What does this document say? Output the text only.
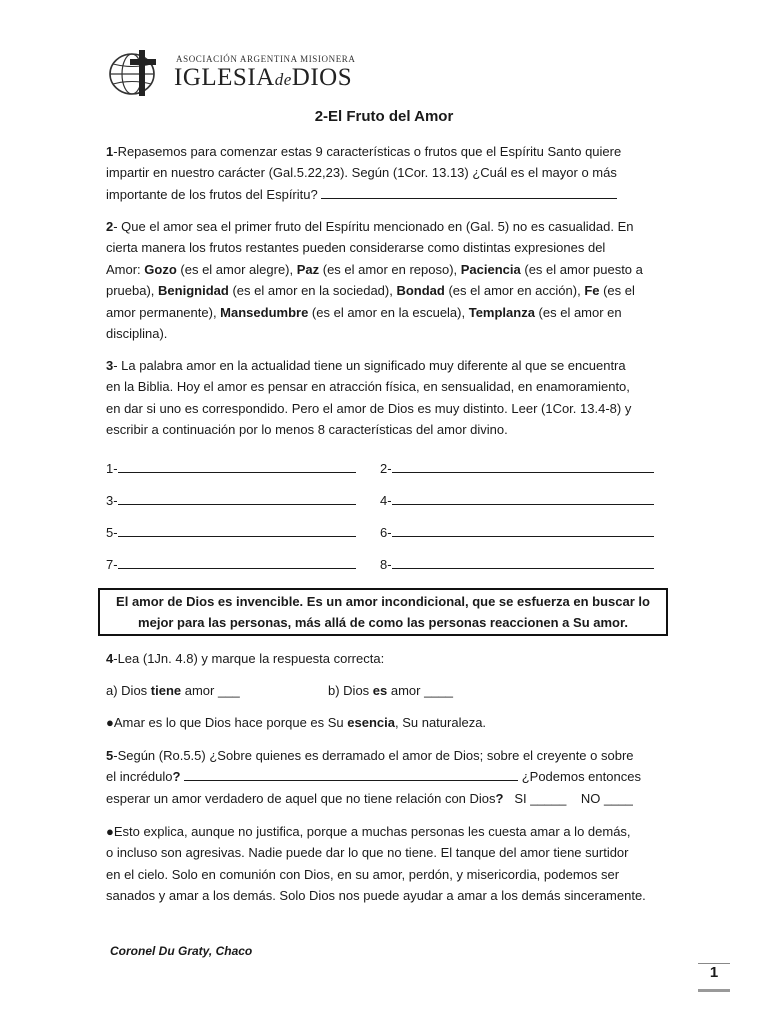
ASOCIACIÓN ARGENTINA MISIONERA
IGLESIAdeDIOS
2-El Fruto del Amor
1-Repasemos para comenzar estas 9 características o frutos que el Espíritu Santo quiere
impartir en nuestro carácter (Gal.5.22,23). Según (1Cor. 13.13) ¿Cuál es el mayor o más
importante de los frutos del Espíritu?
2- Que el amor sea el primer fruto del Espíritu mencionado en (Gal. 5) no es casualidad. En
cierta manera los frutos restantes pueden considerarse como distintas expresiones del
Amor: Gozo (es el amor alegre), Paz (es el amor en reposo), Paciencia (es el amor puesto a
prueba), Benignidad (es el amor en la sociedad), Bondad (es el amor en acción), Fe (es el
amor permanente), Mansedumbre (es el amor en la escuela), Templanza (es el amor en
disciplina).
3- La palabra amor en la actualidad tiene un significado muy diferente al que se encuentra
en la Biblia. Hoy el amor es pensar en atracción física, en sensualidad, en enamoramiento,
en dar si uno es correspondido. Pero el amor de Dios es muy distinto. Leer (1Cor. 13.4-8) y
escribir a continuación por lo menos 8 características del amor divino.
1-	2-
3-	4-
5-	6-
7-	8-
El amor de Dios es invencible. Es un amor incondicional, que se esfuerza en buscar lo
mejor para las personas, más allá de como las personas reaccionen a Su amor.
4-Lea (1Jn. 4.8) y marque la respuesta correcta:
a) Dios tiene amor ___	b) Dios es amor ____
●Amar es lo que Dios hace porque es Su esencia, Su naturaleza.
5-Según (Ro.5.5) ¿Sobre quienes es derramado el amor de Dios; sobre el creyente o sobre
el incrédulo?	¿Podemos entonces
esperar un amor verdadero de aquel que no tiene relación con Dios? SI _____ NO ____
●Esto explica, aunque no justifica, porque a muchas personas les cuesta amar a lo demás,
o incluso son agresivas. Nadie puede dar lo que no tiene. El tanque del amor tiene surtidor
en el cielo. Solo en comunión con Dios, en su amor, perdón, y misericordia, podemos ser
sanados y amar a los demás. Solo Dios nos puede ayudar a amar a los demás sinceramente.
Coronel Du Graty, Chaco
1
